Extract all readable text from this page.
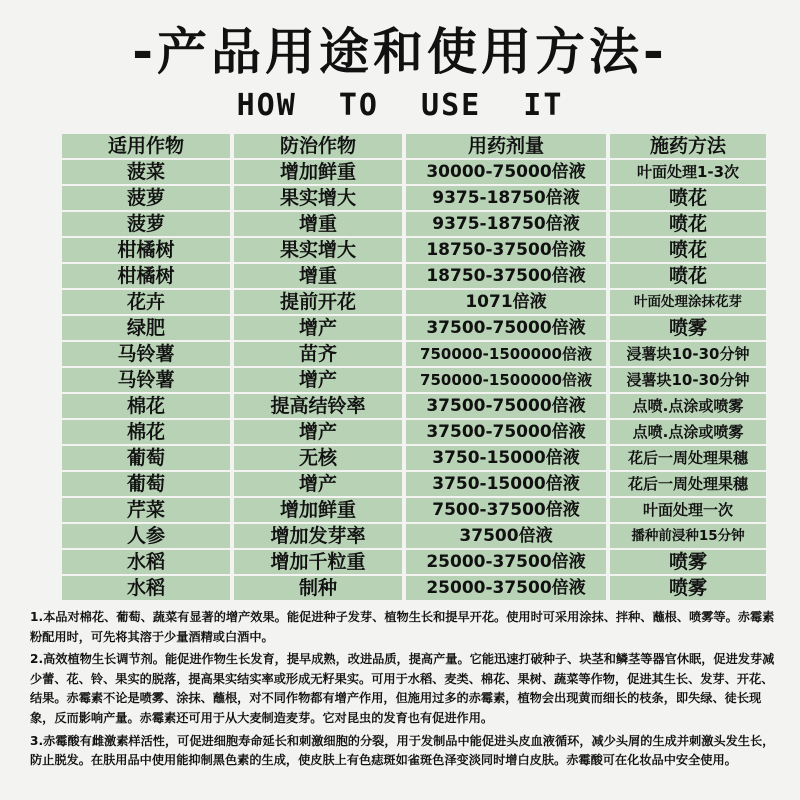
-产品用途和使用方法-
HOW TO USE IT
适用作物	防治作物	用药剂量	施药方法
菠菜	增加鲜重	30000-75000倍液	叶面处理1-3次
菠萝	果实增大	9375-18750倍液	喷花
菠萝	增重	9375-18750倍液	喷花
柑橘树	果实增大	18750-37500倍液	喷花
柑橘树	增重	18750-37500倍液	喷花
花卉	提前开花	1071倍液	叶面处理涂抹花芽
绿肥	增产	37500-75000倍液	喷雾
马铃薯	苗齐	750000-1500000倍液	浸薯块10-30分钟
马铃薯	增产	750000-1500000倍液	浸薯块10-30分钟
棉花	提高结铃率	37500-75000倍液	点喷.点涂或喷雾
棉花	增产	37500-75000倍液	点喷.点涂或喷雾
葡萄	无核	3750-15000倍液	花后一周处理果穗
葡萄	增产	3750-15000倍液	花后一周处理果穗
芹菜	增加鲜重	7500-37500倍液	叶面处理一次
人参	增加发芽率	37500倍液	播种前浸种15分钟
水稻	增加千粒重	25000-37500倍液	喷雾
水稻	制种	25000-37500倍液	喷雾

1.本品对棉花、葡萄、蔬菜有显著的增产效果。能促进种子发芽、植物生长和提早开花。使用时可采用涂抹、拌种、蘸根、喷雾等。赤霉素粉配用时，可先将其溶于少量酒精或白酒中。

2.高效植物生长调节剂。能促进作物生长发育，提早成熟，改进品质，提高产量。它能迅速打破种子、块茎和鳞茎等器官休眠，促进发芽减少蕾、花、铃、果实的脱落，提高果实结实率或形成无籽果实。可用于水稻、麦类、棉花、果树、蔬菜等作物，促进其生长、发芽、开花、结果。赤霉素不论是喷雾、涂抹、蘸根，对不同作物都有增产作用，但施用过多的赤霉素，植物会出现黄而细长的枝条，即失绿、徒长现象，反而影响产量。赤霉素还可用于从大麦制造麦芽。它对昆虫的发育也有促进作用。

3.赤霉酸有雌激素样活性，可促进细胞寿命延长和刺激细胞的分裂，用于发制品中能促进头皮血液循环，减少头屑的生成并刺激头发生长，防止脱发。在肤用品中使用能抑制黑色素的生成，使皮肤上有色痣斑如雀斑色泽变淡同时增白皮肤。赤霉酸可在化妆品中安全使用。
